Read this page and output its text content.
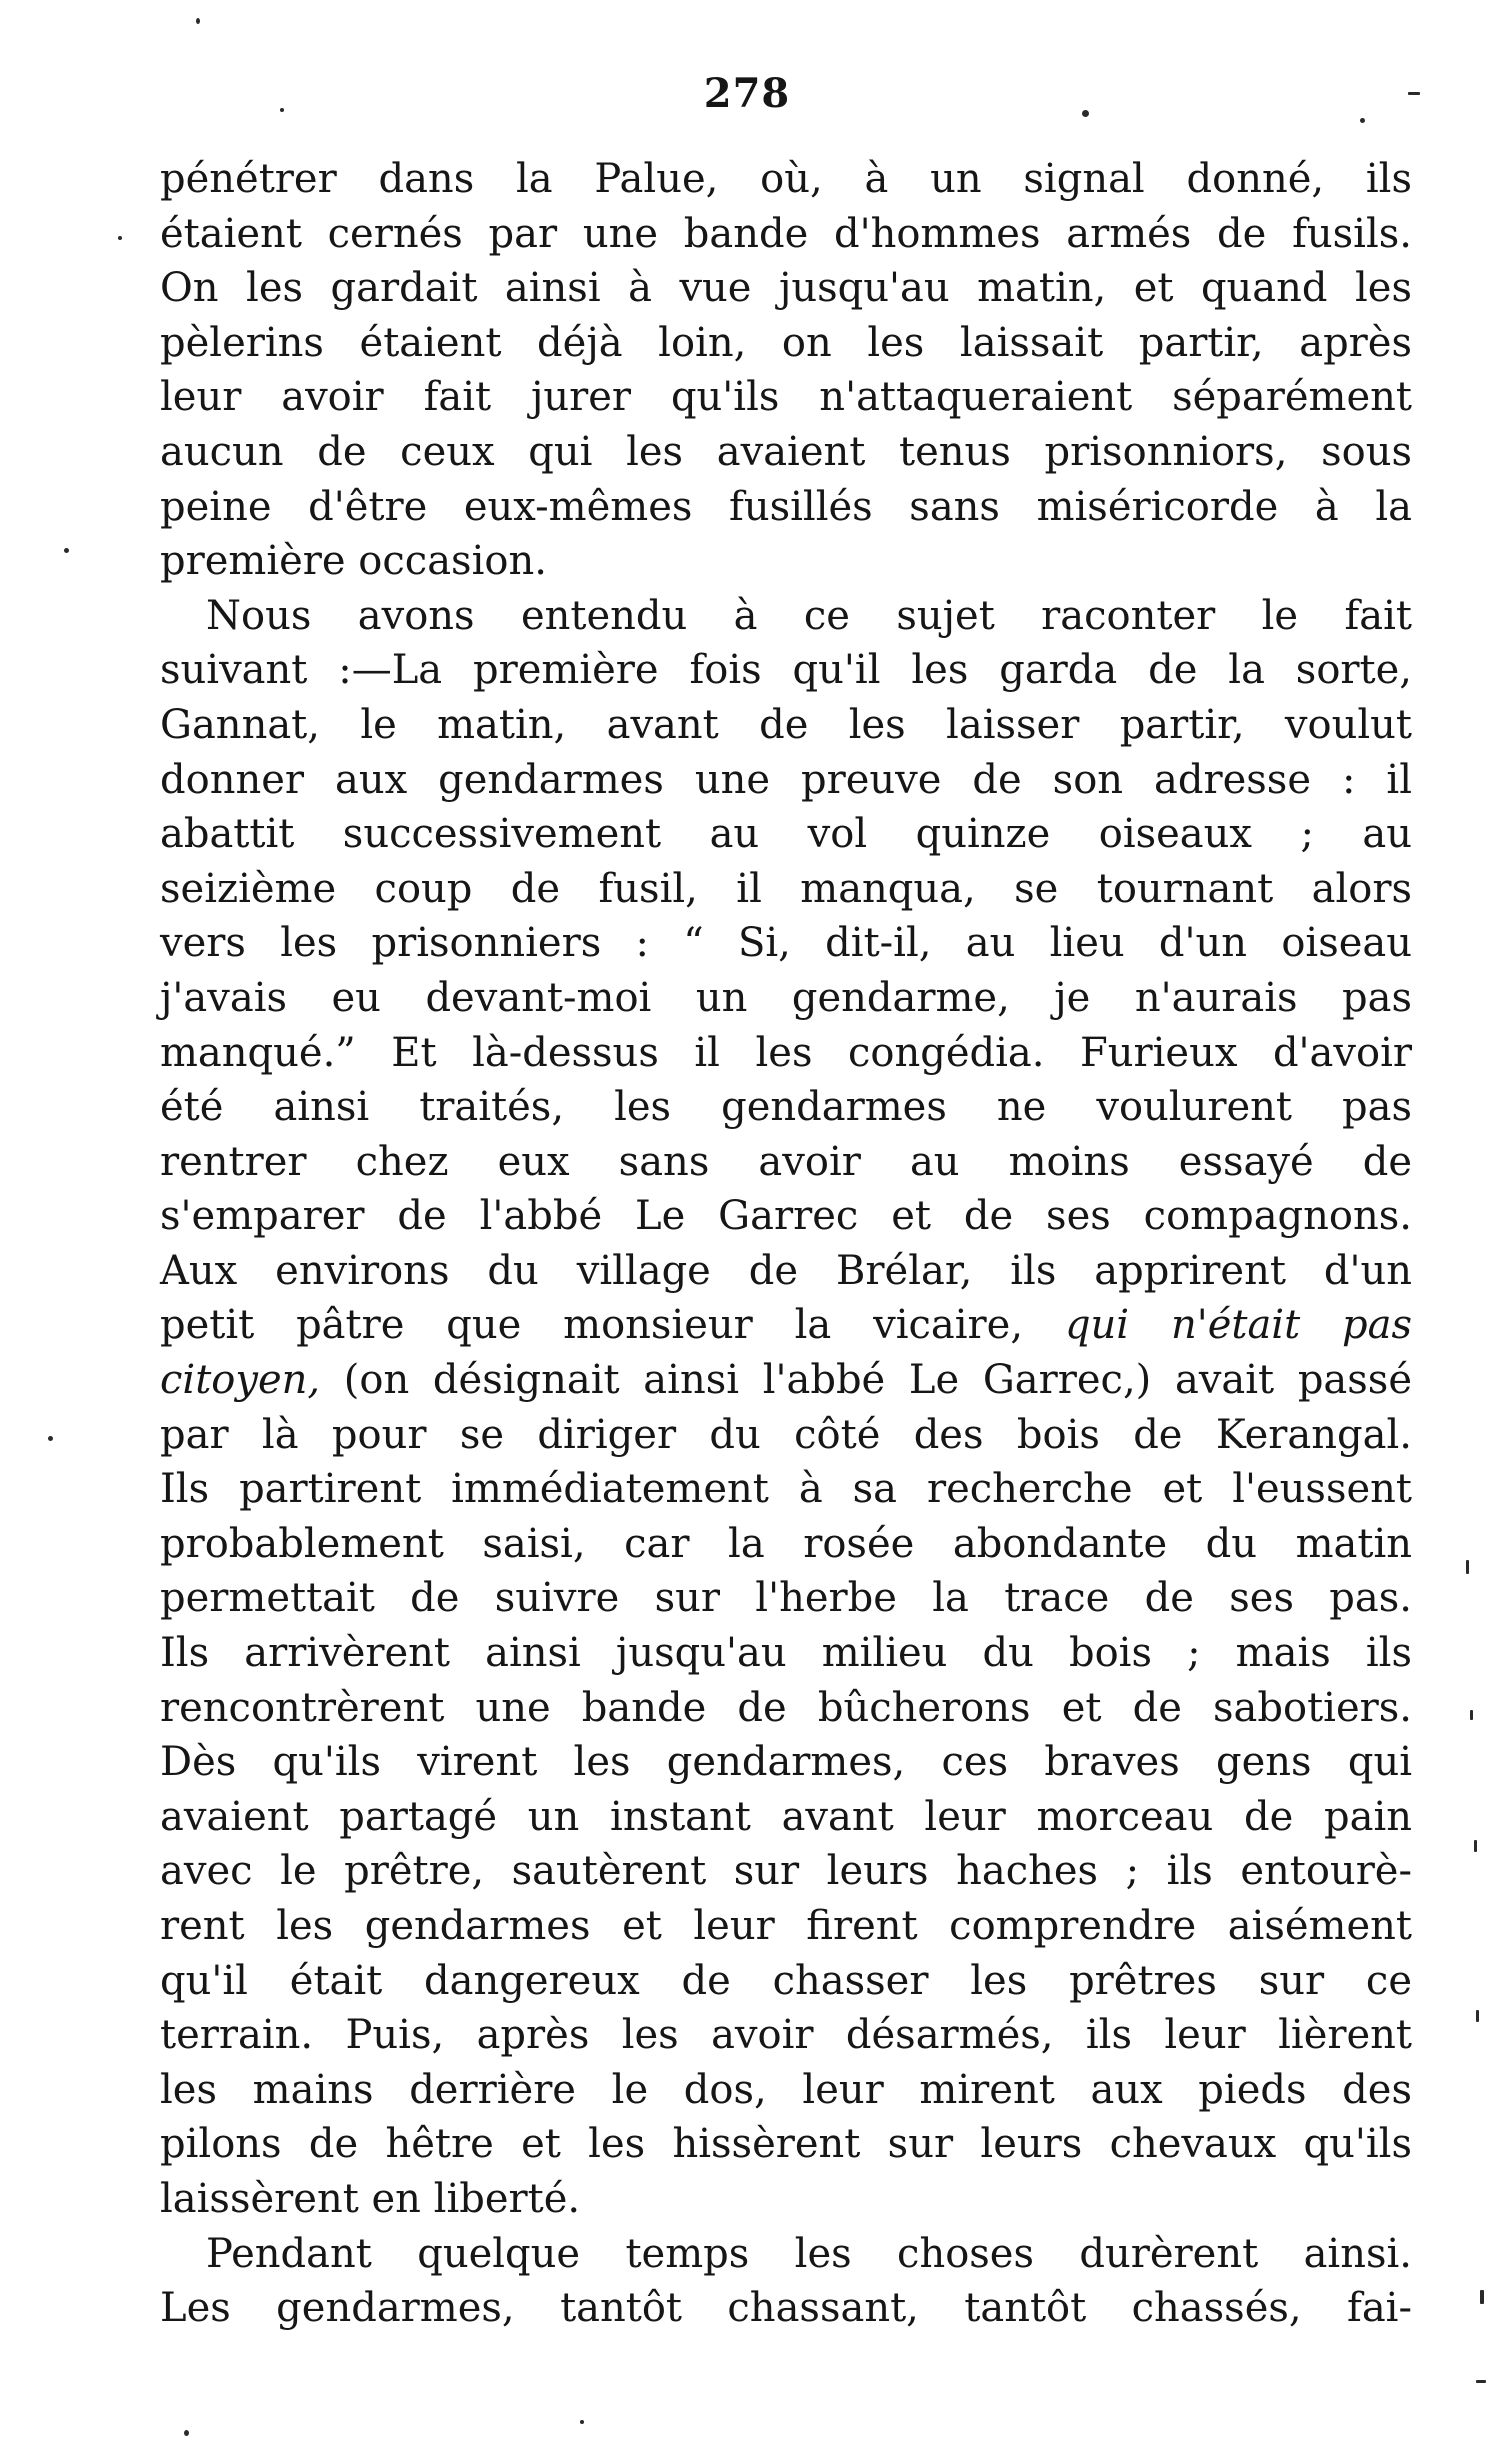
278

pénétrer dans la Palue, où, à un signal donné, ils
étaient cernés par une bande d'hommes armés de fusils.
On les gardait ainsi à vue jusqu'au matin, et quand les
pèlerins étaient déjà loin, on les laissait partir, après
leur avoir fait jurer qu'ils n'attaqueraient séparément
aucun de ceux qui les avaient tenus prisonniors, sous
peine d'être eux-mêmes fusillés sans miséricorde à la
première occasion.

Nous avons entendu à ce sujet raconter le fait
suivant :—La première fois qu'il les garda de la sorte,
Gannat, le matin, avant de les laisser partir, voulut
donner aux gendarmes une preuve de son adresse : il
abattit successivement au vol quinze oiseaux ; au
seizième coup de fusil, il manqua, se tournant alors
vers les prisonniers : “ Si, dit-il, au lieu d'un oiseau
j'avais eu devant-moi un gendarme, je n'aurais pas
manqué.” Et là-dessus il les congédia. Furieux d'avoir
été ainsi traités, les gendarmes ne voulurent pas
rentrer chez eux sans avoir au moins essayé de
s'emparer de l'abbé Le Garrec et de ses compagnons.
Aux environs du village de Brélar, ils apprirent d'un
petit pâtre que monsieur la vicaire, qui n'était pas
citoyen, (on désignait ainsi l'abbé Le Garrec,) avait passé
par là pour se diriger du côté des bois de Kerangal.
Ils partirent immédiatement à sa recherche et l'eussent
probablement saisi, car la rosée abondante du matin
permettait de suivre sur l'herbe la trace de ses pas.
Ils arrivèrent ainsi jusqu'au milieu du bois ; mais ils
rencontrèrent une bande de bûcherons et de sabotiers.
Dès qu'ils virent les gendarmes, ces braves gens qui
avaient partagé un instant avant leur morceau de pain
avec le prêtre, sautèrent sur leurs haches ; ils entourè-
rent les gendarmes et leur firent comprendre aisément
qu'il était dangereux de chasser les prêtres sur ce
terrain. Puis, après les avoir désarmés, ils leur lièrent
les mains derrière le dos, leur mirent aux pieds des
pilons de hêtre et les hissèrent sur leurs chevaux qu'ils
laissèrent en liberté.

Pendant quelque temps les choses durèrent ainsi.
Les gendarmes, tantôt chassant, tantôt chassés, fai-
